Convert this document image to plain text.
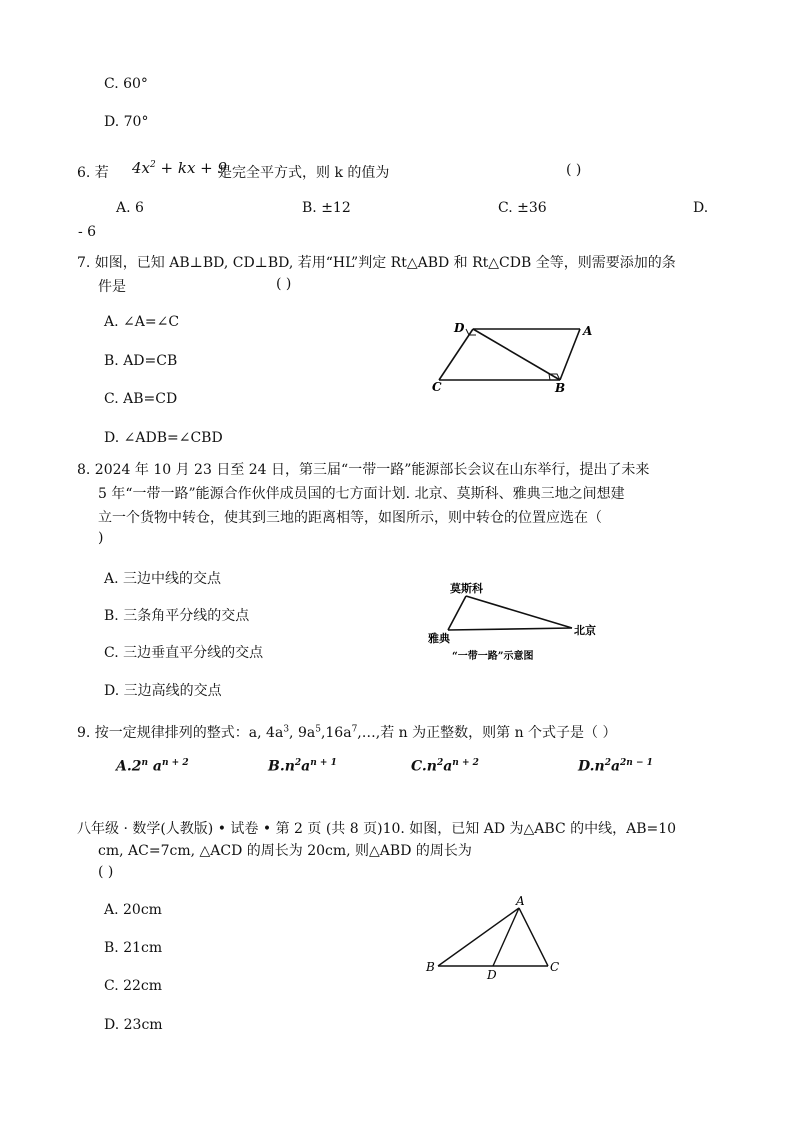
C. 60°
D. 70°
6. 若 $4x^2$ + kx + 9
是完全平方式，则 k 的值为	( )
A. 6	B. ±12	C. ±36	D.
- 6
7. 如图，已知 AB⊥BD, CD⊥BD, 若用“HL”判定 Rt△ABD 和 Rt△CDB 全等，则需要添加的条
件是	( )
A. ∠A=∠C
B. AD=CB
C. AB=CD
D. ∠ADB=∠CBD
D	A
C	B
8. 2024 年 10 月 23 日至 24 日，第三届“一带一路”能源部长会议在山东举行，提出了未来
5 年“一带一路”能源合作伙伴成员国的七方面计划. 北京、莫斯科、雅典三地之间想建
立一个货物中转仓，使其到三地的距离相等，如图所示，则中转仓的位置应选在（
)
A. 三边中线的交点
B. 三条角平分线的交点
C. 三边垂直平分线的交点
D. 三边高线的交点
莫斯科
雅典
北京
“一带一路”示意图
9. 按一定规律排列的整式：a, $4a^3$, $9a^5,16a^7,\dots$,若 n 为正整数，则第 n 个式子是（ ）
A.2$^n$ $a^{n + 2}$	$B.n^2a^{n + 1}$	$C.n^2a^{n + 2}$	$D.n^2a^{2n - 1}$
八年级 · 数学(人教版) • 试卷 • 第 2 页 (共 8 页)10. 如图，已知 AD 为△ABC 的中线，AB=10
cm, AC=7cm, △ACD 的周长为 20cm, 则△ABD 的周长为
( )
A. 20cm
B. 21cm
C. 22cm
D. 23cm
A
B
D
C
